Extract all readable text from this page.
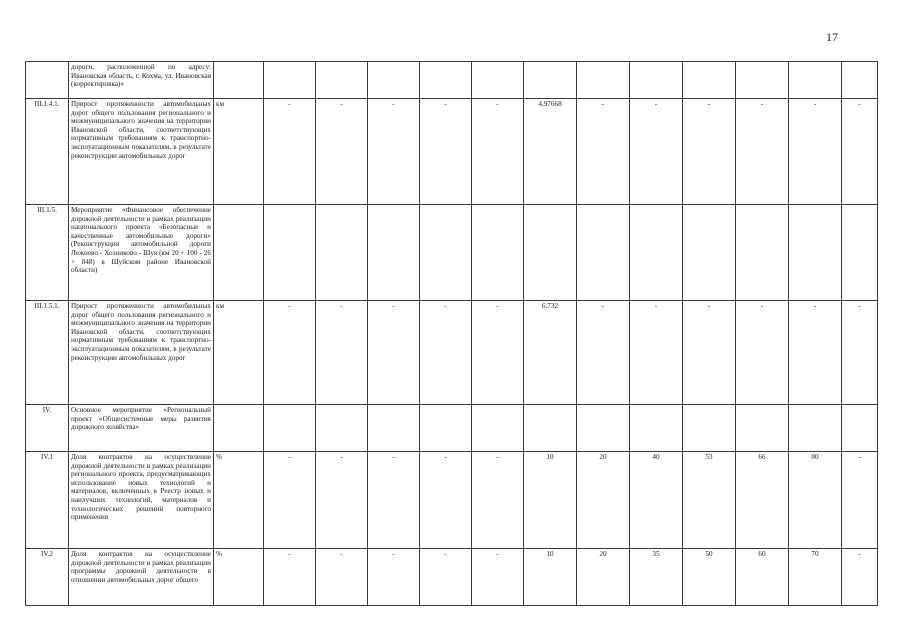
17
	дороги, расположенной по адресу: Ивановская область, г. Кохма, ул. Ивановская (корректировка)»													
III.1.4.1.	Прирост протяженности автомобильных дорог общего пользования регионального и межмуниципального значения на территории Ивановской области, соответствующих нормативным требованиям к транспортно-эксплуатационным показателям, в результате реконструкции автомобильных дорог	км	-	-	-	-	-	4,97668	-	-	-	-	-	-
III.1.5.	Мероприятие «Финансовое обеспечение дорожной деятельности в рамках реализации национального проекта «Безопасные и качественные автомобильные дороги» (Реконструкция автомобильной дороги Лежнево - Хозниково - Шуя (км 20 + 100 - 26 + 848) в Шуйском районе Ивановской области)													
III.1.5.1.	Прирост протяженности автомобильных дорог общего пользования регионального и межмуниципального значения на территории Ивановской области, соответствующих нормативным требованиям к транспортно-эксплуатационным показателям, в результате реконструкции автомобильных дорог	км	-	-	-	-	-	6,732	-	-	-	-	-	-
IV.	Основное мероприятие «Региональный проект «Общесистемные меры развития дорожного хозяйства»													
IV.1	Доля контрактов на осуществление дорожной деятельности в рамках реализации регионального проекта, предусматривающих использование новых технологий и материалов, включенных в Реестр новых и наилучших технологий, материалов и технологических решений повторного применения	%	-	-	-	-	-	10	20	40	53	66	80	-
IV.2	Доля контрактов на осуществление дорожной деятельности в рамках реализации программы дорожной деятельности в отношении автомобильных дорог общего	%	-	-	-	-	-	10	20	35	50	60	70	-
